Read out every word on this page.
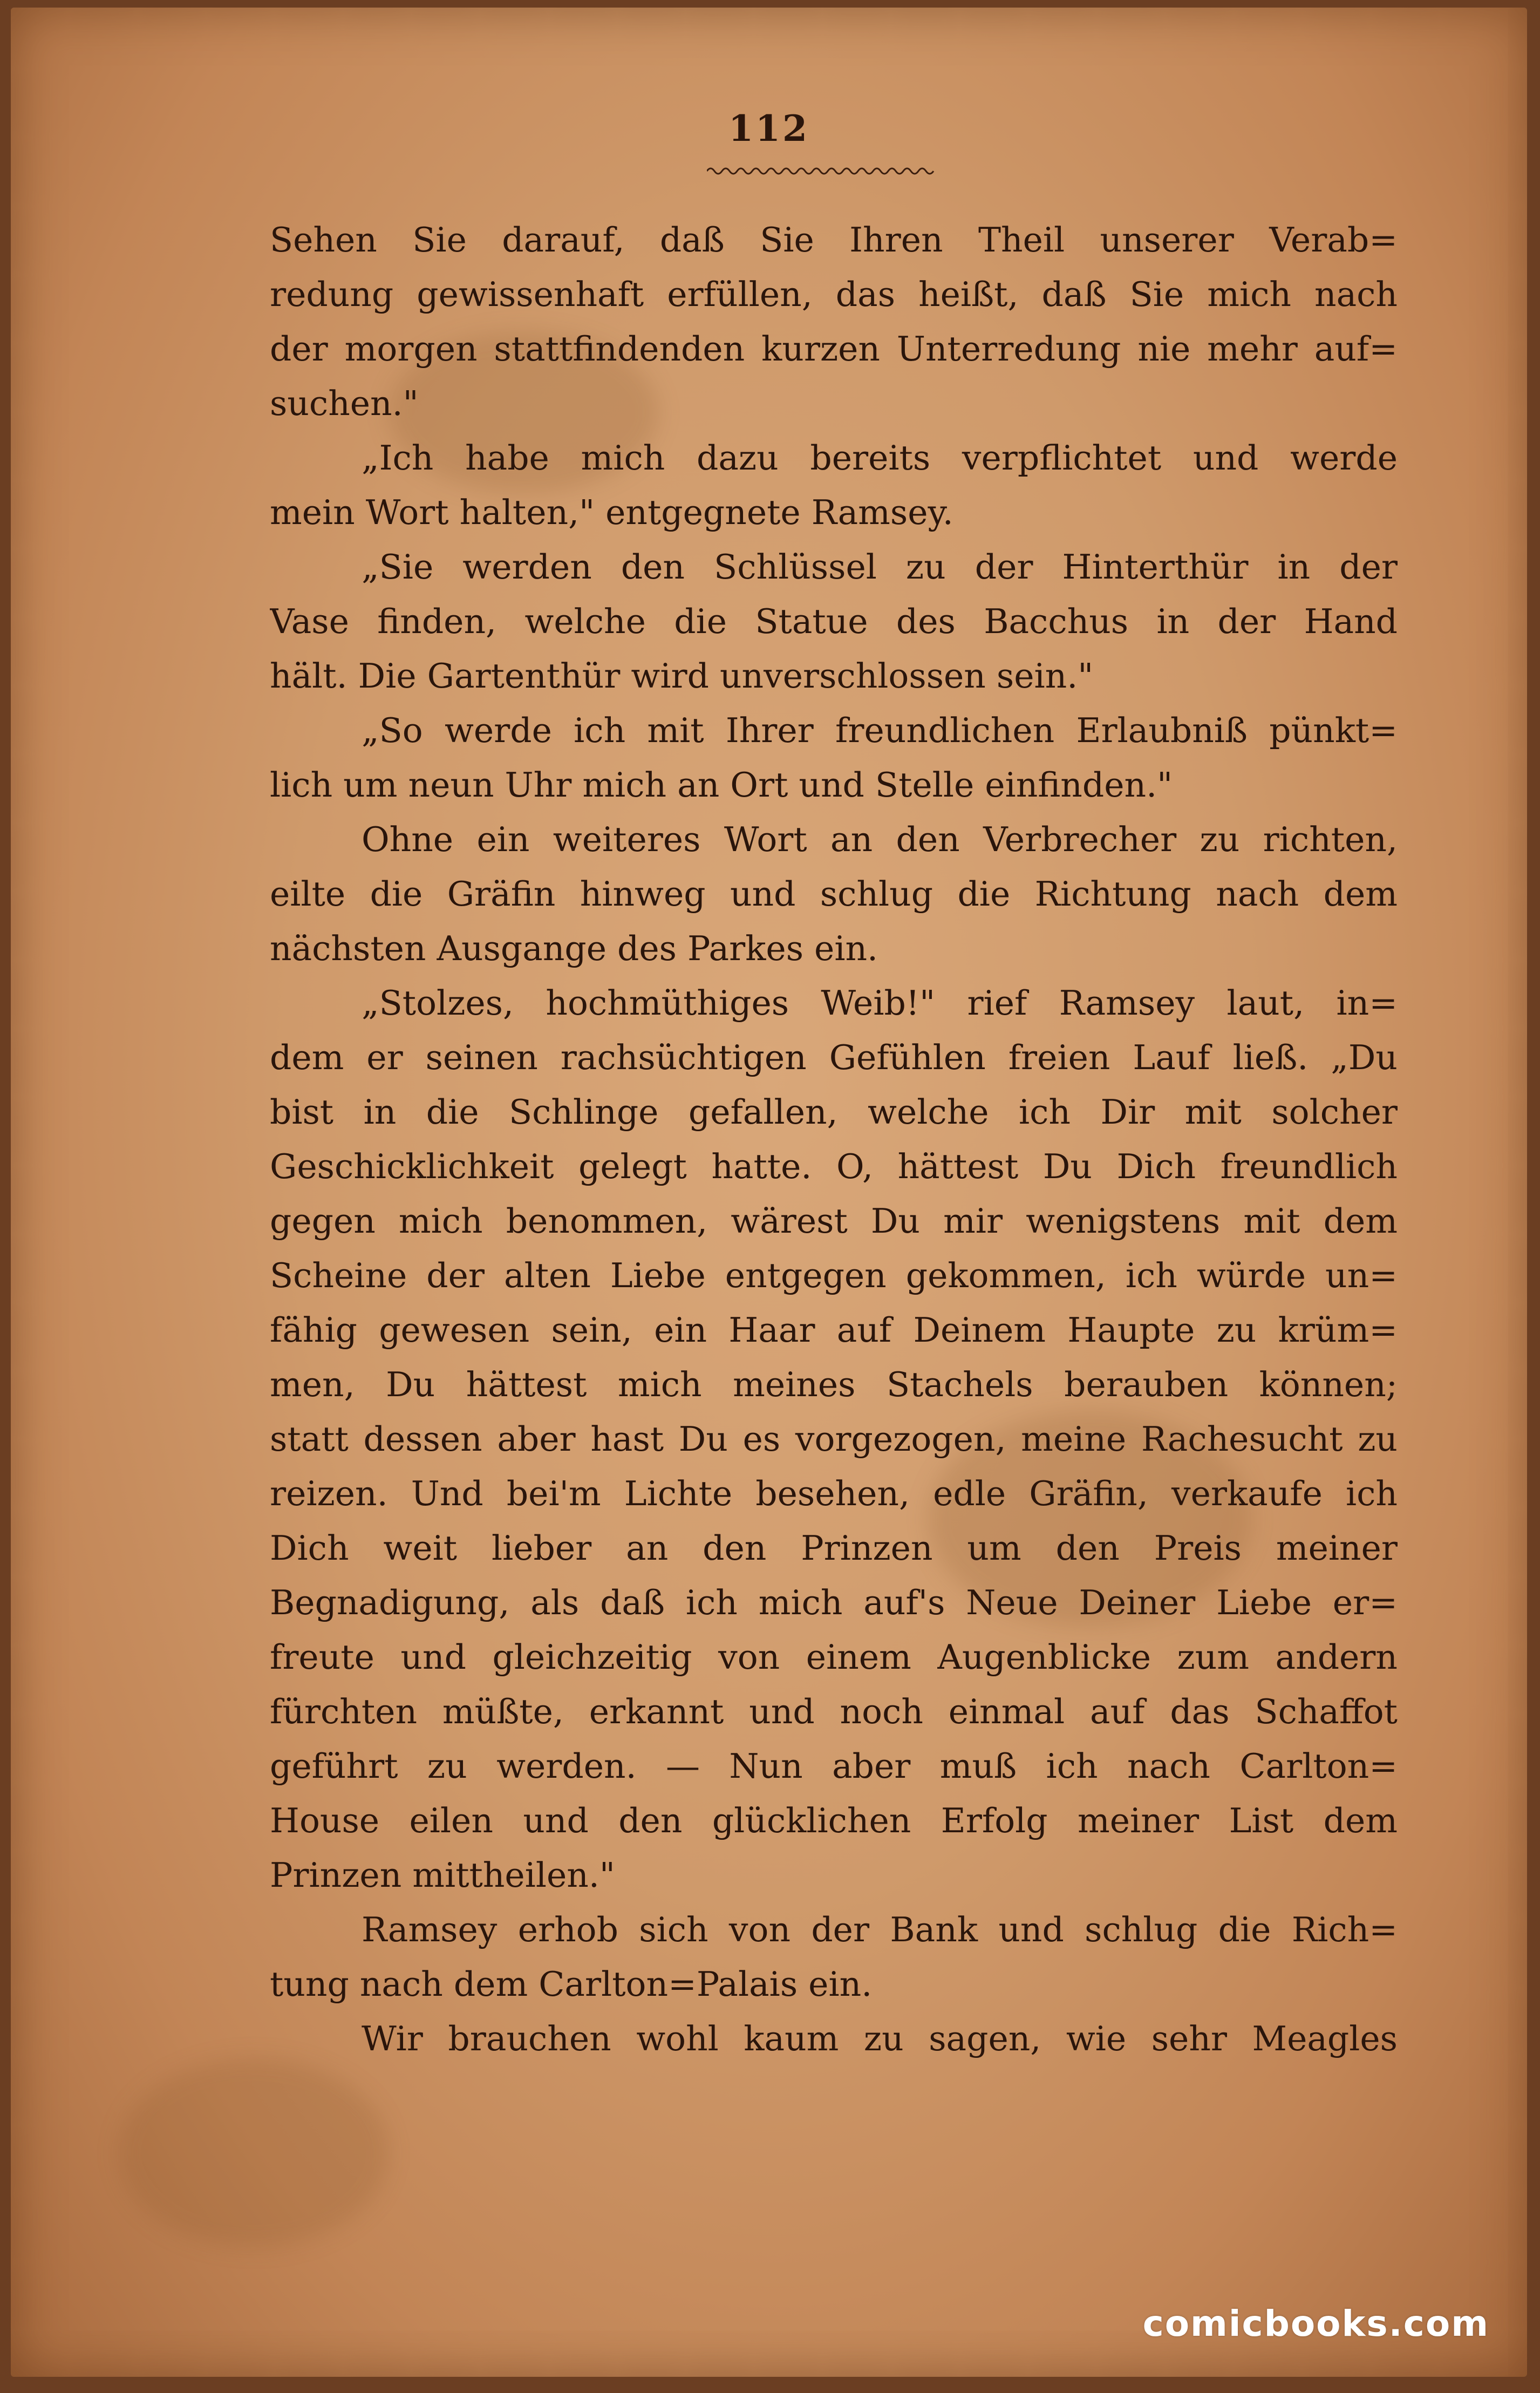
112
Sehen Sie darauf, daß Sie Ihren Theil unserer Verab=
redung gewissenhaft erfüllen, das heißt, daß Sie mich nach
der morgen stattfindenden kurzen Unterredung nie mehr auf=
suchen."
„Ich habe mich dazu bereits verpflichtet und werde
mein Wort halten," entgegnete Ramsey.
„Sie werden den Schlüssel zu der Hinterthür in der
Vase finden, welche die Statue des Bacchus in der Hand
hält. Die Gartenthür wird unverschlossen sein."
„So werde ich mit Ihrer freundlichen Erlaubniß pünkt=
lich um neun Uhr mich an Ort und Stelle einfinden."
Ohne ein weiteres Wort an den Verbrecher zu richten,
eilte die Gräfin hinweg und schlug die Richtung nach dem
nächsten Ausgange des Parkes ein.
„Stolzes, hochmüthiges Weib!" rief Ramsey laut, in=
dem er seinen rachsüchtigen Gefühlen freien Lauf ließ. „Du
bist in die Schlinge gefallen, welche ich Dir mit solcher
Geschicklichkeit gelegt hatte. O, hättest Du Dich freundlich
gegen mich benommen, wärest Du mir wenigstens mit dem
Scheine der alten Liebe entgegen gekommen, ich würde un=
fähig gewesen sein, ein Haar auf Deinem Haupte zu krüm=
men, Du hättest mich meines Stachels berauben können;
statt dessen aber hast Du es vorgezogen, meine Rachesucht zu
reizen. Und bei'm Lichte besehen, edle Gräfin, verkaufe ich
Dich weit lieber an den Prinzen um den Preis meiner
Begnadigung, als daß ich mich auf's Neue Deiner Liebe er=
freute und gleichzeitig von einem Augenblicke zum andern
fürchten müßte, erkannt und noch einmal auf das Schaffot
geführt zu werden. — Nun aber muß ich nach Carlton=
House eilen und den glücklichen Erfolg meiner List dem
Prinzen mittheilen."
Ramsey erhob sich von der Bank und schlug die Rich=
tung nach dem Carlton=Palais ein.
Wir brauchen wohl kaum zu sagen, wie sehr Meagles
comicbooks.com
